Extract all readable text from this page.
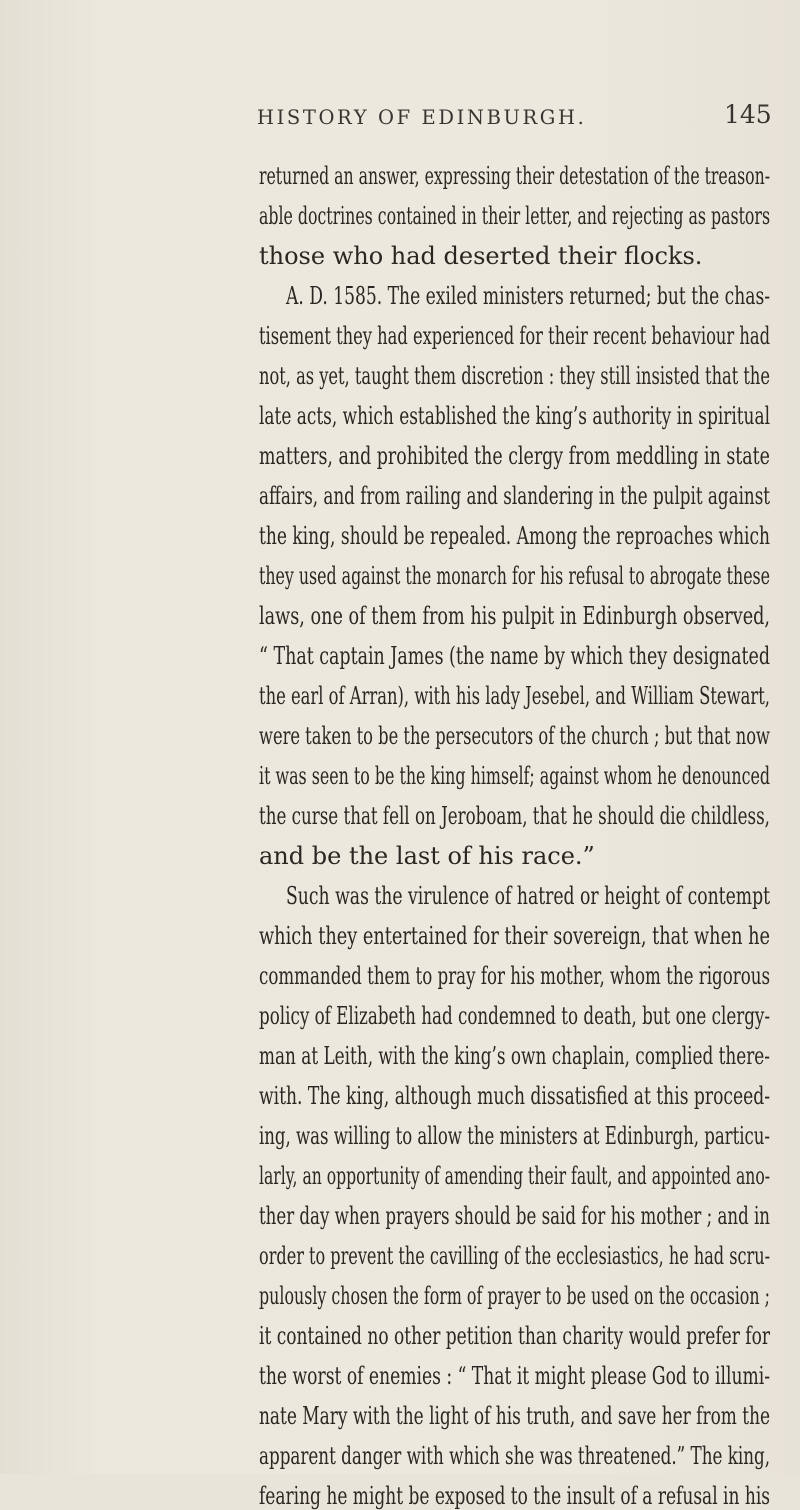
HISTORY OF EDINBURGH.	145
returned an answer, expressing their detestation of the treason-
able doctrines contained in their letter, and rejecting as pastors
those who had deserted their flocks.
A. D. 1585. The exiled ministers returned; but the chas-
tisement they had experienced for their recent behaviour had
not, as yet, taught them discretion : they still insisted that the
late acts, which established the king’s authority in spiritual
matters, and prohibited the clergy from meddling in state
affairs, and from railing and slandering in the pulpit against
the king, should be repealed. Among the reproaches which
they used against the monarch for his refusal to abrogate these
laws, one of them from his pulpit in Edinburgh observed,
“ That captain James (the name by which they designated
the earl of Arran), with his lady Jesebel, and William Stewart,
were taken to be the persecutors of the church ; but that now
it was seen to be the king himself; against whom he denounced
the curse that fell on Jeroboam, that he should die childless,
and be the last of his race.”
Such was the virulence of hatred or height of contempt
which they entertained for their sovereign, that when he
commanded them to pray for his mother, whom the rigorous
policy of Elizabeth had condemned to death, but one clergy-
man at Leith, with the king’s own chaplain, complied there-
with. The king, although much dissatisfied at this proceed-
ing, was willing to allow the ministers at Edinburgh, particu-
larly, an opportunity of amending their fault, and appointed ano-
ther day when prayers should be said for his mother ; and in
order to prevent the cavilling of the ecclesiastics, he had scru-
pulously chosen the form of prayer to be used on the occasion ;
it contained no other petition than charity would prefer for
the worst of enemies : “ That it might please God to illumi-
nate Mary with the light of his truth, and save her from the
apparent danger with which she was threatened.” The king,
fearing he might be exposed to the insult of a refusal in his
